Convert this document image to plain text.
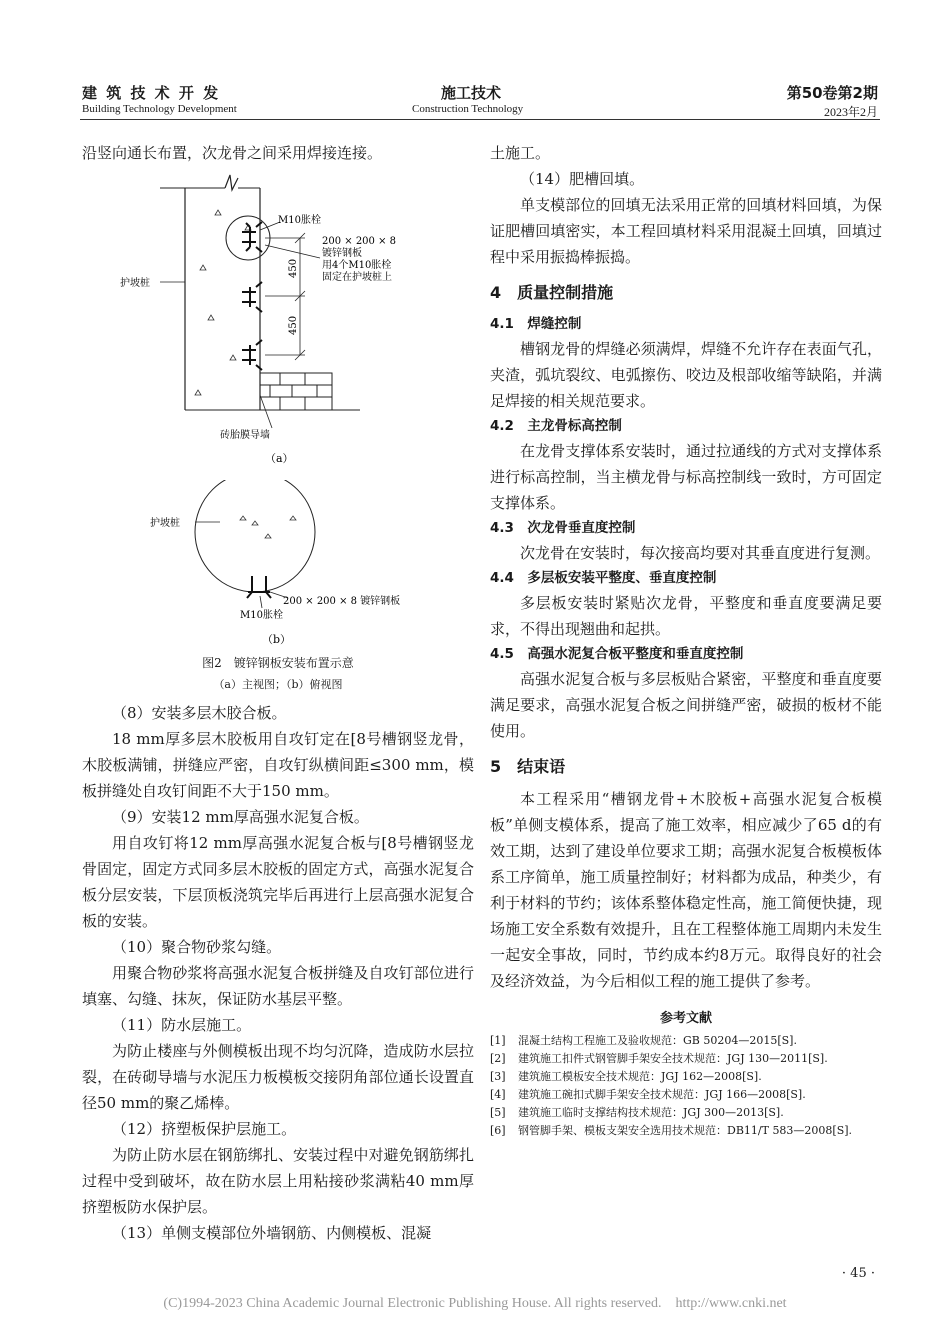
建 筑 技 术 开 发
Building Technology Development
施工技术
Construction Technology
第50卷第2期
2023年2月

沿竖向通长布置，次龙骨之间采用焊接连接。

M10胀栓
200 × 200 × 8
镀锌钢板
用4个M10胀栓
固定在护坡桩上
护坡桩
450
450
砖胎膜导墙
（a）
护坡桩
200 × 200 × 8 镀锌钢板
M10胀栓
（b）
图2　镀锌钢板安装布置示意
（a）主视图；（b）俯视图

（8）安装多层木胶合板。

18 mm厚多层木胶板用自攻钉定在[8号槽钢竖龙骨，木胶板满铺，拼缝应严密，自攻钉纵横间距≤300 mm，模板拼缝处自攻钉间距不大于150 mm。

（9）安装12 mm厚高强水泥复合板。

用自攻钉将12 mm厚高强水泥复合板与[8号槽钢竖龙骨固定，固定方式同多层木胶板的固定方式，高强水泥复合板分层安装，下层顶板浇筑完毕后再进行上层高强水泥复合板的安装。

（10）聚合物砂浆勾缝。

用聚合物砂浆将高强水泥复合板拼缝及自攻钉部位进行填塞、勾缝、抹灰，保证防水基层平整。

（11）防水层施工。

为防止楼座与外侧模板出现不均匀沉降，造成防水层拉裂，在砖砌导墙与水泥压力板模板交接阴角部位通长设置直径50 mm的聚乙烯棒。

（12）挤塑板保护层施工。

为防止防水层在钢筋绑扎、安装过程中对避免钢筋绑扎过程中受到破坏，故在防水层上用粘接砂浆满粘40 mm厚挤塑板防水保护层。

（13）单侧支模部位外墙钢筋、内侧模板、混凝

土施工。

（14）肥槽回填。

单支模部位的回填无法采用正常的回填材料回填，为保证肥槽回填密实，本工程回填材料采用混凝土回填，回填过程中采用振捣棒振捣。

4　质量控制措施

4.1　焊缝控制

槽钢龙骨的焊缝必须满焊，焊缝不允许存在表面气孔，夹渣，弧坑裂纹、电弧擦伤、咬边及根部收缩等缺陷，并满足焊接的相关规范要求。

4.2　主龙骨标高控制

在龙骨支撑体系安装时，通过拉通线的方式对支撑体系进行标高控制，当主横龙骨与标高控制线一致时，方可固定支撑体系。

4.3　次龙骨垂直度控制

次龙骨在安装时，每次接高均要对其垂直度进行复测。

4.4　多层板安装平整度、垂直度控制

多层板安装时紧贴次龙骨，平整度和垂直度要满足要求，不得出现翘曲和起拱。

4.5　高强水泥复合板平整度和垂直度控制

高强水泥复合板与多层板贴合紧密，平整度和垂直度要满足要求，高强水泥复合板之间拼缝严密，破损的板材不能使用。

5　结束语

本工程采用“槽钢龙骨+木胶板+高强水泥复合板模板”单侧支模体系，提高了施工效率，相应减少了65 d的有效工期，达到了建设单位要求工期；高强水泥复合板模板体系工序简单，施工质量控制好；材料都为成品，种类少，有利于材料的节约；该体系整体稳定性高，施工简便快捷，现场施工安全系数有效提升，且在工程整体施工周期内未发生一起安全事故，同时，节约成本约8万元。取得良好的社会及经济效益，为今后相似工程的施工提供了参考。

参考文献

[1]	混凝土结构工程施工及验收规范：GB 50204—2015[S].
[2]	建筑施工扣件式钢管脚手架安全技术规范：JGJ 130—2011[S].
[3]	建筑施工模板安全技术规范：JGJ 162—2008[S].
[4]	建筑施工碗扣式脚手架安全技术规范：JGJ 166—2008[S].
[5]	建筑施工临时支撑结构技术规范：JGJ 300—2013[S].
[6]	钢管脚手架、模板支架安全选用技术规范：DB11/T 583—2008[S].
· 45 ·
(C)1994-2023 China Academic Journal Electronic Publishing House. All rights reserved.    http://www.cnki.net
